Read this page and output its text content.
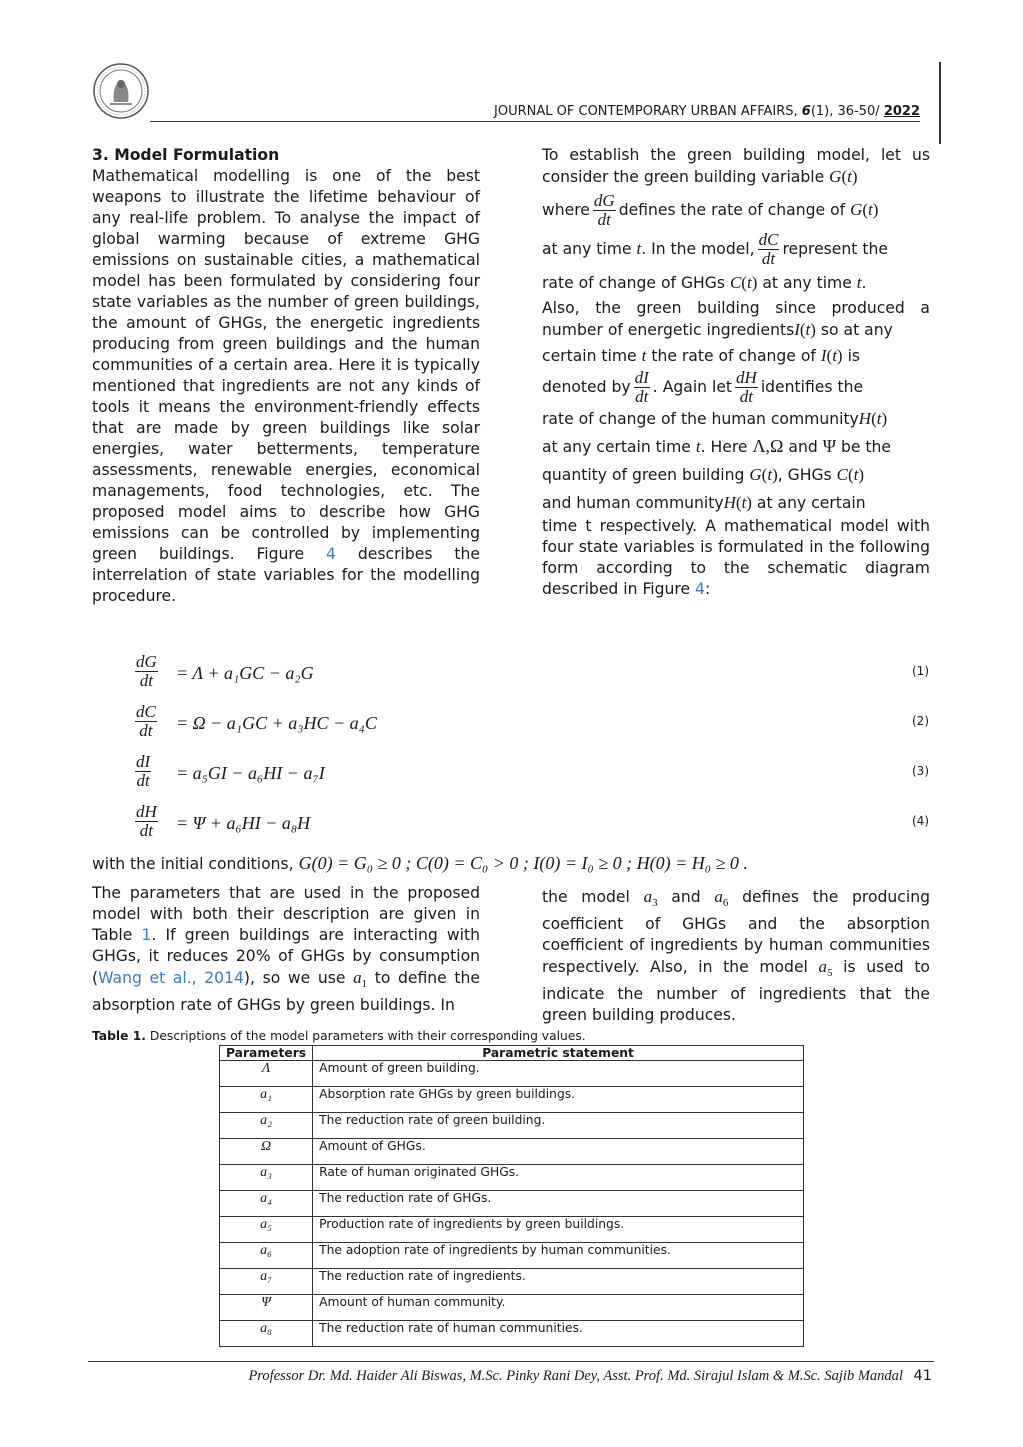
JOURNAL OF CONTEMPORARY URBAN AFFAIRS, 6(1), 36-50/ 2022
3. Model Formulation
Mathematical modelling is one of the best weapons to illustrate the lifetime behaviour of any real-life problem. To analyse the impact of global warming because of extreme GHG emissions on sustainable cities, a mathematical model has been formulated by considering four state variables as the number of green buildings, the amount of GHGs, the energetic ingredients producing from green buildings and the human communities of a certain area. Here it is typically mentioned that ingredients are not any kinds of tools it means the environment-friendly effects that are made by green buildings like solar energies, water betterments, temperature assessments, renewable energies, economical managements, food technologies, etc. The proposed model aims to describe how GHG emissions can be controlled by implementing green buildings. Figure 4 describes the interrelation of state variables for the modelling procedure.
To establish the green building model, let us consider the green building variable G(t)
where $\frac{dG}{dt}$ defines the rate of change of G(t)
at any time t. In the model, $\frac{dC}{dt}$ represent the
rate of change of GHGs C(t) at any time t.
Also, the green building since produced a number of energetic ingredientsI(t) so at any
certain time t the rate of change of I(t) is
denoted by $\frac{dI}{dt}$ . Again let $\frac{dH}{dt}$ identifies the
rate of change of the human communityH(t)
at any certain time t. Here Λ,Ω and Ψ be the
quantity of green building G(t), GHGs C(t)
and human communityH(t) at any certain
time t respectively. A mathematical model with four state variables is formulated in the following form according to the schematic diagram described in Figure 4:
$\frac{dG}{dt} = \Lambda + a_1GC - a_2G$	(1)
$\frac{dC}{dt} = \Omega - a_1GC + a_3HC - a_4C$	(2)
$\frac{dI}{dt} = a_5GI - a_6HI - a_7I$	(3)
$\frac{dH}{dt} = \Psi + a_6HI - a_8H$	(4)
with the initial conditions, G(0) = G₀ ≥ 0 ; C(0) = C₀ > 0 ; I(0) = I₀ ≥ 0 ; H(0) = H₀ ≥ 0 .
The parameters that are used in the proposed model with both their description are given in Table 1. If green buildings are interacting with GHGs, it reduces 20% of GHGs by consumption (Wang et al., 2014), so we use $a_1$ to define the absorption rate of GHGs by green buildings. In
the model $a_3$ and $a_6$ defines the producing coefficient of GHGs and the absorption coefficient of ingredients by human communities respectively. Also, in the model $a_5$ is used to indicate the number of ingredients that the green building produces.
Table 1. Descriptions of the model parameters with their corresponding values.
Parameters	Parametric statement
Λ	Amount of green building.
a₁	Absorption rate GHGs by green buildings.
a₂	The reduction rate of green building.
Ω	Amount of GHGs.
a₃	Rate of human originated GHGs.
a₄	The reduction rate of GHGs.
a₅	Production rate of ingredients by green buildings.
a₆	The adoption rate of ingredients by human communities.
a₇	The reduction rate of ingredients.
Ψ	Amount of human community.
a₈	The reduction rate of human communities.
Professor Dr. Md. Haider Ali Biswas, M.Sc. Pinky Rani Dey, Asst. Prof. Md. Sirajul Islam & M.Sc. Sajib Mandal 41
